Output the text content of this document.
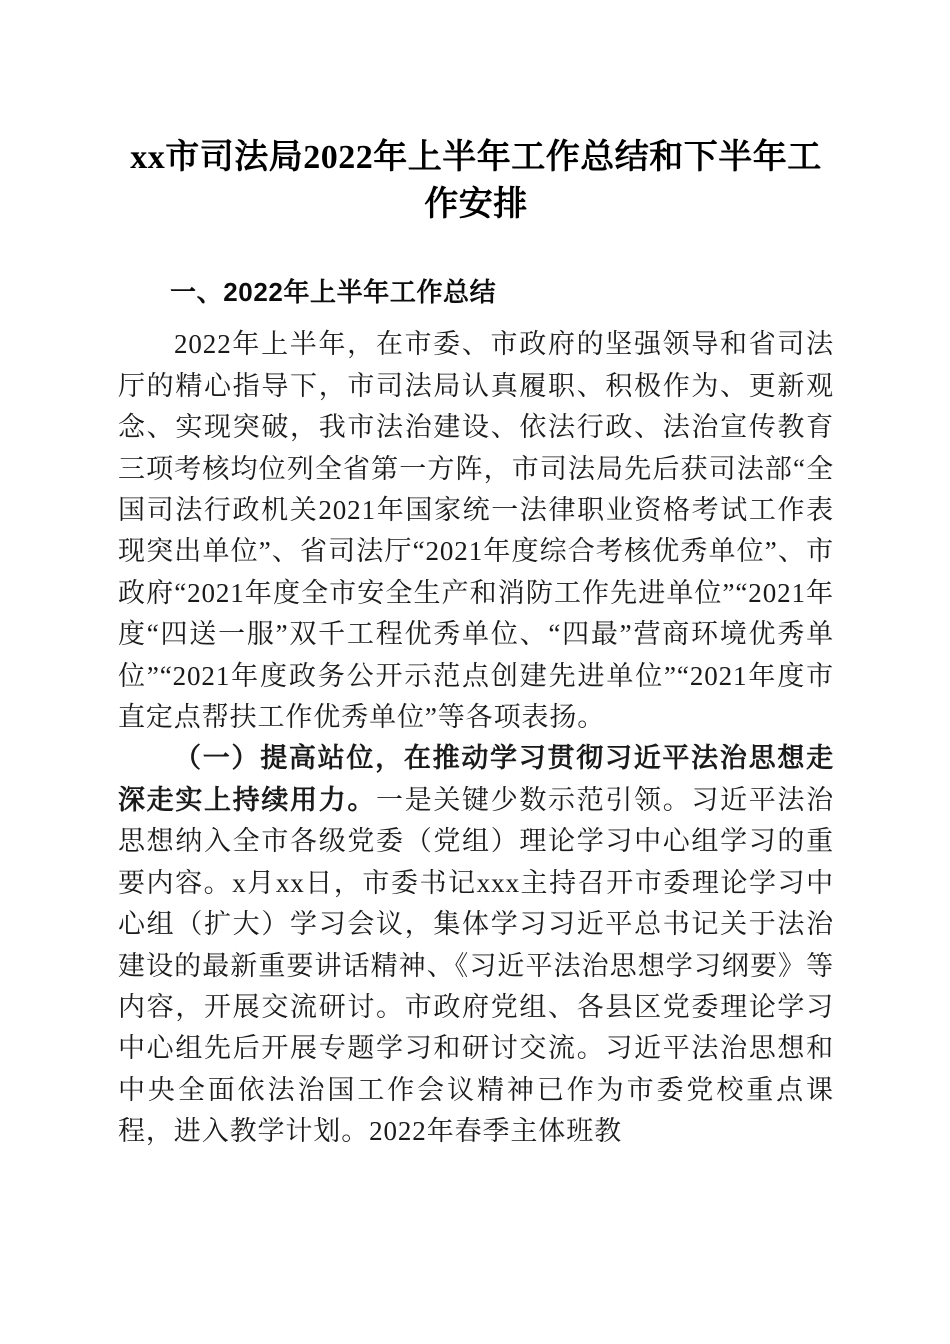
xx市司法局2022年上半年工作总结和下半年工作安排
一、2022年上半年工作总结

2022年上半年，在市委、市政府的坚强领导和省司法厅的精心指导下，市司法局认真履职、积极作为、更新观念、实现突破，我市法治建设、依法行政、法治宣传教育三项考核均位列全省第一方阵，市司法局先后获司法部“全国司法行政机关2021年国家统一法律职业资格考试工作表现突出单位”、省司法厅“2021年度综合考核优秀单位”、市政府“2021年度全市安全生产和消防工作先进单位”“2021年度“四送一服”双千工程优秀单位、“四最”营商环境优秀单位”“2021年度政务公开示范点创建先进单位”“2021年度市直定点帮扶工作优秀单位”等各项表扬。

（一）提高站位，在推动学习贯彻习近平法治思想走深走实上持续用力。一是关键少数示范引领。习近平法治思想纳入全市各级党委（党组）理论学习中心组学习的重要内容。x月xx日，市委书记xxx主持召开市委理论学习中心组（扩大）学习会议，集体学习习近平总书记关于法治建设的最新重要讲话精神、《习近平法治思想学习纲要》等内容，开展交流研讨。市政府党组、各县区党委理论学习中心组先后开展专题学习和研讨交流。习近平法治思想和中央全面依法治国工作会议精神已作为市委党校重点课程，进入教学计划。2022年春季主体班教
